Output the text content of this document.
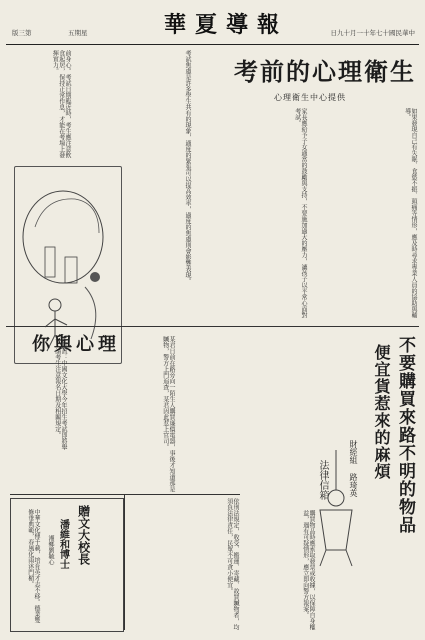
版三第	五期星	華夏導報	日九十月一十年七十國民華中
前身心。考試日期臨近時，考生應注意飲食起居，保持正常作息，才能在考場上發揮實力。	考試焦慮是許多學生共有的現象，適度的緊張可以提高效率，過度的焦慮則會影響表現。
你與心理
考前的心理衛生
心理衛生中心提供
家長應給予子女適當的鼓勵與支持，不要施加過大的壓力，讓孩子以平常心面對考試。	如果發現自己有失眠、食慾不振、頭痛等情形，應及時尋求專業人員的協助與輔導。
本報訊：中國文化大學今年招生考試即將舉行，請考生注意報名日期及相關規定。
贈文大校長
潘維和博士
湘鄉劉毓心
中華文化傳千載，培育英才志不移。德業雙修垂典範，春風化雨沐門楣。
某君日前在路旁向一陌生人購買廉價電器，事後才知道那是贓物，警方上門追查，某君因此惹上官司。
依刑法規定，收受、搬運、寄藏、故買贓物者，均須負法律責任，民眾不可貪小便宜。	購買物品時應索取發票或收據，以保障自身權益，遇有可疑情形，應立即向警方報案。
不要購買來路不明的物品
便宜貨惹來的麻煩
財經組 路琦英
法律信箱
